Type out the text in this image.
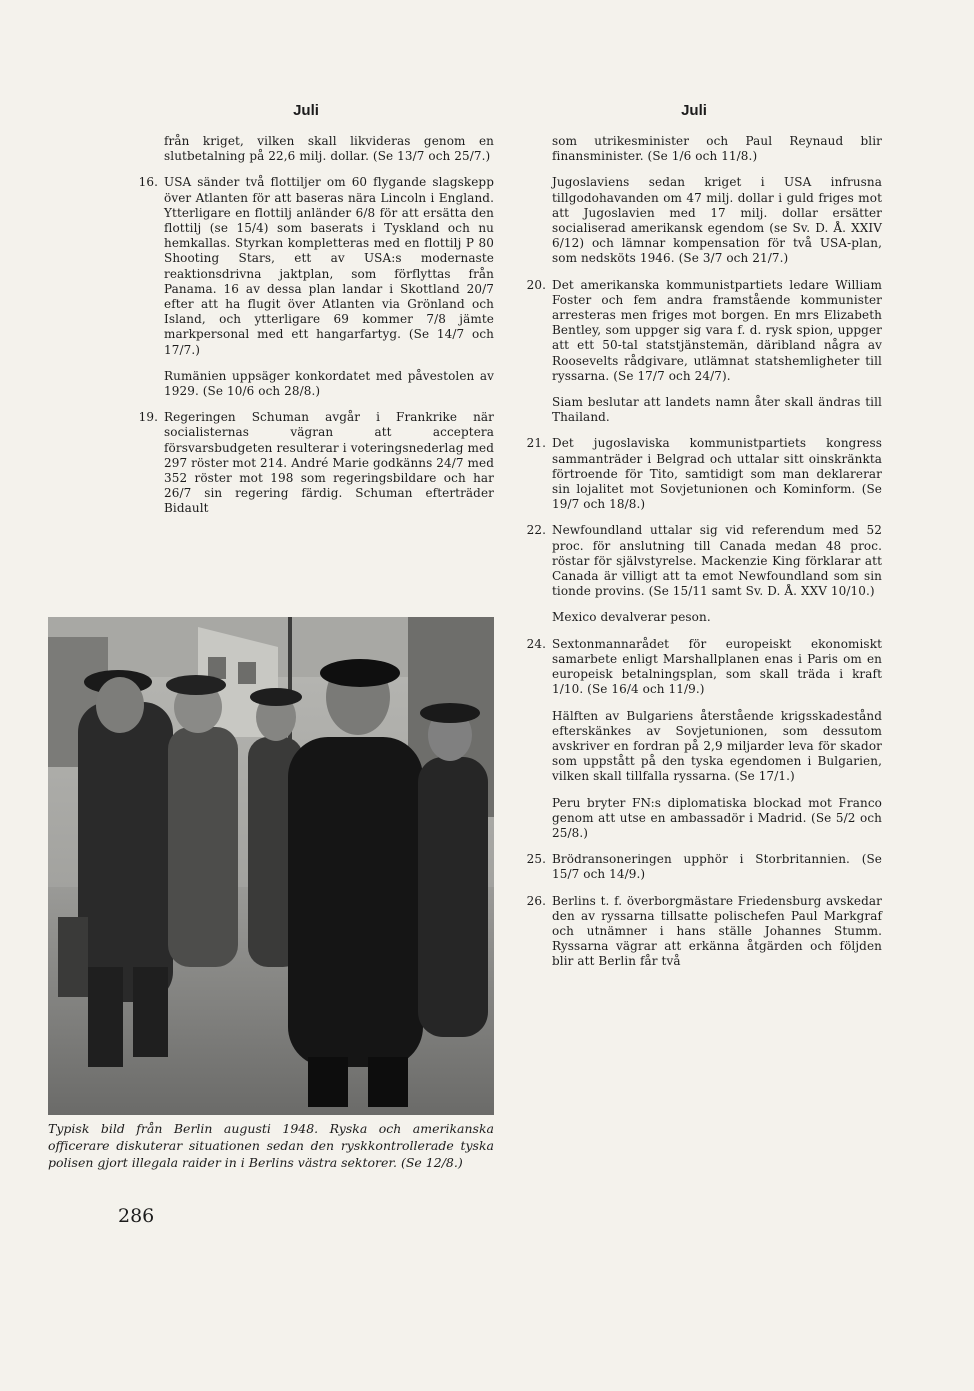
Juli

från kriget, vilken skall likvideras genom en slutbetalning på 22,6 milj. dollar. (Se 13/7 och 25/7.)

16. USA sänder två flottiljer om 60 flygande slagskepp över Atlanten för att baseras nära Lincoln i England. Ytterligare en flottilj anländer 6/8 för att ersätta den flottilj (se 15/4) som baserats i Tyskland och nu hemkallas. Styrkan kompletteras med en flottilj P 80 Shooting Stars, ett av USA:s modernaste reaktionsdrivna jaktplan, som förflyttas från Panama. 16 av dessa plan landar i Skottland 20/7 efter att ha flugit över Atlanten via Grönland och Island, och ytterligare 69 kommer 7/8 jämte markpersonal med ett hangarfartyg. (Se 14/7 och 17/7.)

Rumänien uppsäger konkordatet med påvestolen av 1929. (Se 10/6 och 28/8.)

19. Regeringen Schuman avgår i Frankrike när socialisternas vägran att acceptera försvarsbudgeten resulterar i voteringsnederlag med 297 röster mot 214. André Marie godkänns 24/7 med 352 röster mot 198 som regeringsbildare och har 26/7 sin regering färdig. Schuman efterträder Bidault

Typisk bild från Berlin augusti 1948. Ryska och amerikanska officerare diskuterar situationen sedan den ryskkontrollerade tyska polisen gjort illegala raider in i Berlins västra sektorer. (Se 12/8.)
286
Juli

som utrikesminister och Paul Reynaud blir finansminister. (Se 1/6 och 11/8.)

Jugoslaviens sedan kriget i USA infrusna tillgodohavanden om 47 milj. dollar i guld friges mot att Jugoslavien med 17 milj. dollar ersätter socialiserad amerikansk egendom (se Sv. D. Å. XXIV 6/12) och lämnar kompensation för två USA-plan, som nedsköts 1946. (Se 3/7 och 21/7.)

20. Det amerikanska kommunistpartiets ledare William Foster och fem andra framstående kommunister arresteras men friges mot borgen. En mrs Elizabeth Bentley, som uppger sig vara f. d. rysk spion, uppger att ett 50-tal statstjänstemän, däribland några av Roosevelts rådgivare, utlämnat statshemligheter till ryssarna. (Se 17/7 och 24/7).

Siam beslutar att landets namn åter skall ändras till Thailand.

21. Det jugoslaviska kommunistpartiets kongress sammanträder i Belgrad och uttalar sitt oinskränkta förtroende för Tito, samtidigt som man deklarerar sin lojalitet mot Sovjetunionen och Kominform. (Se 19/7 och 18/8.)

22. Newfoundland uttalar sig vid referendum med 52 proc. för anslutning till Canada medan 48 proc. röstar för självstyrelse. Mackenzie King förklarar att Canada är villigt att ta emot Newfoundland som sin tionde provins. (Se 15/11 samt Sv. D. Å. XXV 10/10.)

Mexico devalverar peson.

24. Sextonmannarådet för europeiskt ekonomiskt samarbete enligt Marshallplanen enas i Paris om en europeisk betalningsplan, som skall träda i kraft 1/10. (Se 16/4 och 11/9.)

Hälften av Bulgariens återstående krigsskadestånd efterskänkes av Sovjetunionen, som dessutom avskriver en fordran på 2,9 miljarder leva för skador som uppstått på den tyska egendomen i Bulgarien, vilken skall tillfalla ryssarna. (Se 17/1.)

Peru bryter FN:s diplomatiska blockad mot Franco genom att utse en ambassadör i Madrid. (Se 5/2 och 25/8.)

25. Brödransoneringen upphör i Storbritannien. (Se 15/7 och 14/9.)

26. Berlins t. f. överborgmästare Friedensburg avskedar den av ryssarna tillsatte polischefen Paul Markgraf och utnämner i hans ställe Johannes Stumm. Ryssarna vägrar att erkänna åtgärden och följden blir att Berlin får två
